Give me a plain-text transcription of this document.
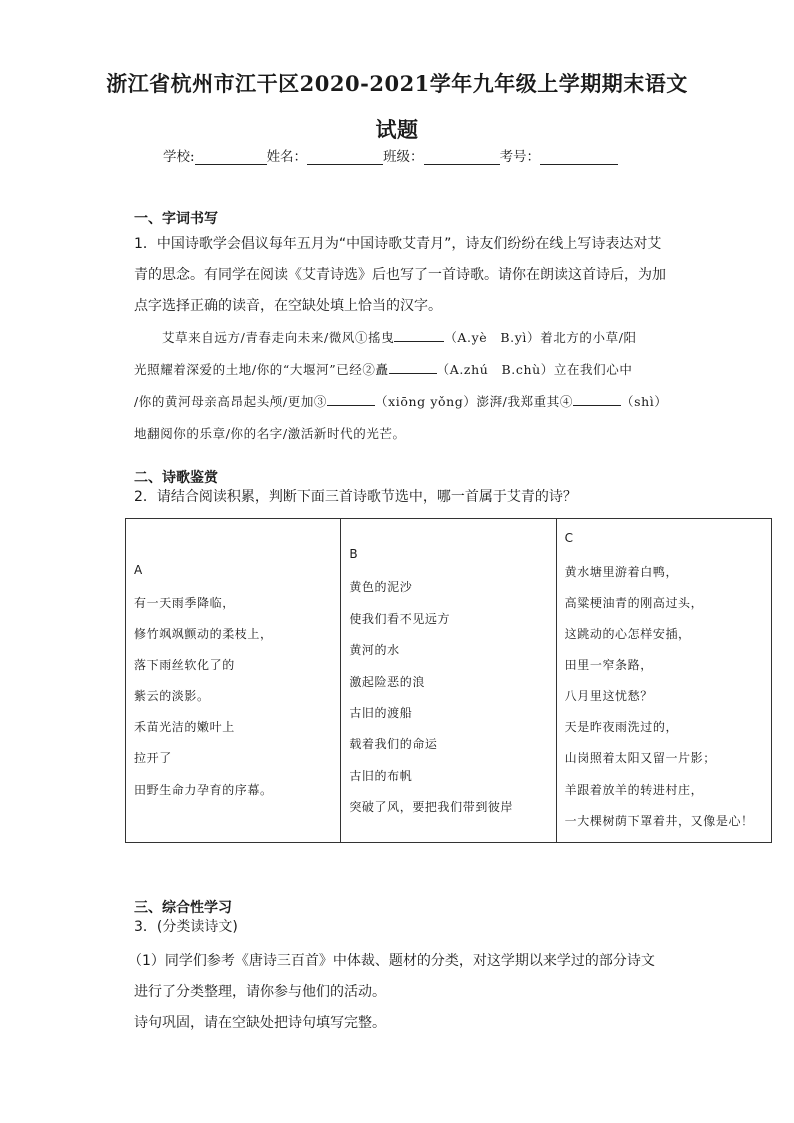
浙江省杭州市江干区2020-2021学年九年级上学期期末语文
试题
学校:	姓名：	班级：	考号：
一、字词书写
1．中国诗歌学会倡议每年五月为“中国诗歌艾青月”，诗友们纷纷在线上写诗表达对艾
青的思念。有同学在阅读《艾青诗选》后也写了一首诗歌。请你在朗读这首诗后，为加
点字选择正确的读音，在空缺处填上恰当的汉字。
艾草来自远方/青春走向未来/微风①搖曳	（A.yè　B.yì）着北方的小草/阳
光照耀着深爱的土地/你的“大堰河”已经②矗	（A.zhú　B.chù）立在我们心中
/你的黄河母亲高昂起头颅/更加③	（xiōng yǒng）澎湃/我郑重其④	（shì）
地翻阅你的乐章/你的名字/激活新时代的光芒。
二、诗歌鉴赏
2．请结合阅读积累，判断下面三首诗歌节选中，哪一首属于艾青的诗？
A
有一天雨季降临，
修竹飒飒颤动的柔枝上，
落下雨丝软化了的
紫云的淡影。
禾苗光洁的嫩叶上
拉开了
田野生命力孕育的序幕。

B
黄色的泥沙
使我们看不见远方
黄河的水
激起险恶的浪
古旧的渡船
载着我们的命运
古旧的布帆
突破了风，要把我们带到彼岸

C
黄水塘里游着白鸭，
高粱梗油青的刚高过头，
这跳动的心怎样安插，
田里一窄条路，
八月里这忧愁？
天是昨夜雨洗过的，
山岗照着太阳又留一片影；
羊跟着放羊的转进村庄，
一大棵树荫下罩着井，又像是心！
三、综合性学习
3．(分类读诗文)
（1）同学们参考《唐诗三百首》中体裁、题材的分类，对这学期以来学过的部分诗文
进行了分类整理，请你参与他们的活动。
诗句巩固，请在空缺处把诗句填写完整。
